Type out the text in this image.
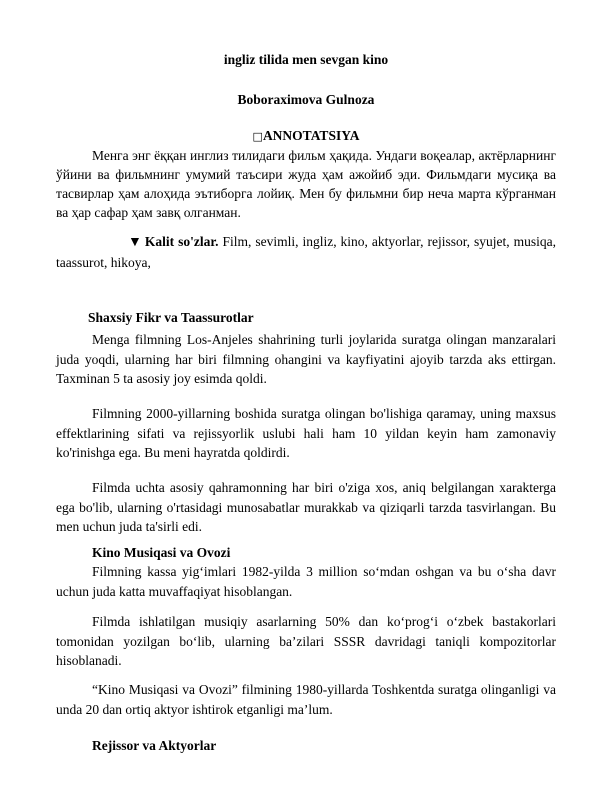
ingliz tilida men sevgan kino

Boboraximova Gulnoza

□ANNOTATSIYA

Менга энг ёққан инглиз тилидаги фильм ҳақида. Ундаги воқеалар, актёрларнинг ўйини ва фильмнинг умумий таъсири жуда ҳам ажойиб эди. Фильмдаги мусиқа ва тасвирлар ҳам алоҳида эътиборга лойиқ. Мен бу фильмни бир неча марта кўрганман ва ҳар сафар ҳам завқ олганман.

▼ Kalit so'zlar. Film, sevimli, ingliz, kino, aktyorlar, rejissor, syujet, musiqa, taassurot, hikoya,

Shaxsiy Fikr va Taassurotlar

Menga filmning Los-Anjeles shahrining turli joylarida suratga olingan manzaralari juda yoqdi, ularning har biri filmning ohangini va kayfiyatini ajoyib tarzda aks ettirgan. Taxminan 5 ta asosiy joy esimda qoldi.

Filmning 2000-yillarning boshida suratga olingan bo'lishiga qaramay, uning maxsus effektlarining sifati va rejissyorlik uslubi hali ham 10 yildan keyin ham zamonaviy ko'rinishga ega. Bu meni hayratda qoldirdi.

Filmda uchta asosiy qahramonning har biri o'ziga xos, aniq belgilangan xarakterga ega bo'lib, ularning o'rtasidagi munosabatlar murakkab va qiziqarli tarzda tasvirlangan. Bu men uchun juda ta'sirli edi.

Kino Musiqasi va Ovozi

Filmning kassa yig‘imlari 1982-yilda 3 million so‘mdan oshgan va bu o‘sha davr uchun juda katta muvaffaqiyat hisoblangan.

Filmda ishlatilgan musiqiy asarlarning 50% dan ko‘prog‘i o‘zbek bastakorlari tomonidan yozilgan bo‘lib, ularning ba’zilari SSSR davridagi taniqli kompozitorlar hisoblanadi.

“Kino Musiqasi va Ovozi” filmining 1980-yillarda Toshkentda suratga olinganligi va unda 20 dan ortiq aktyor ishtirok etganligi ma’lum.

Rejissor va Aktyorlar
